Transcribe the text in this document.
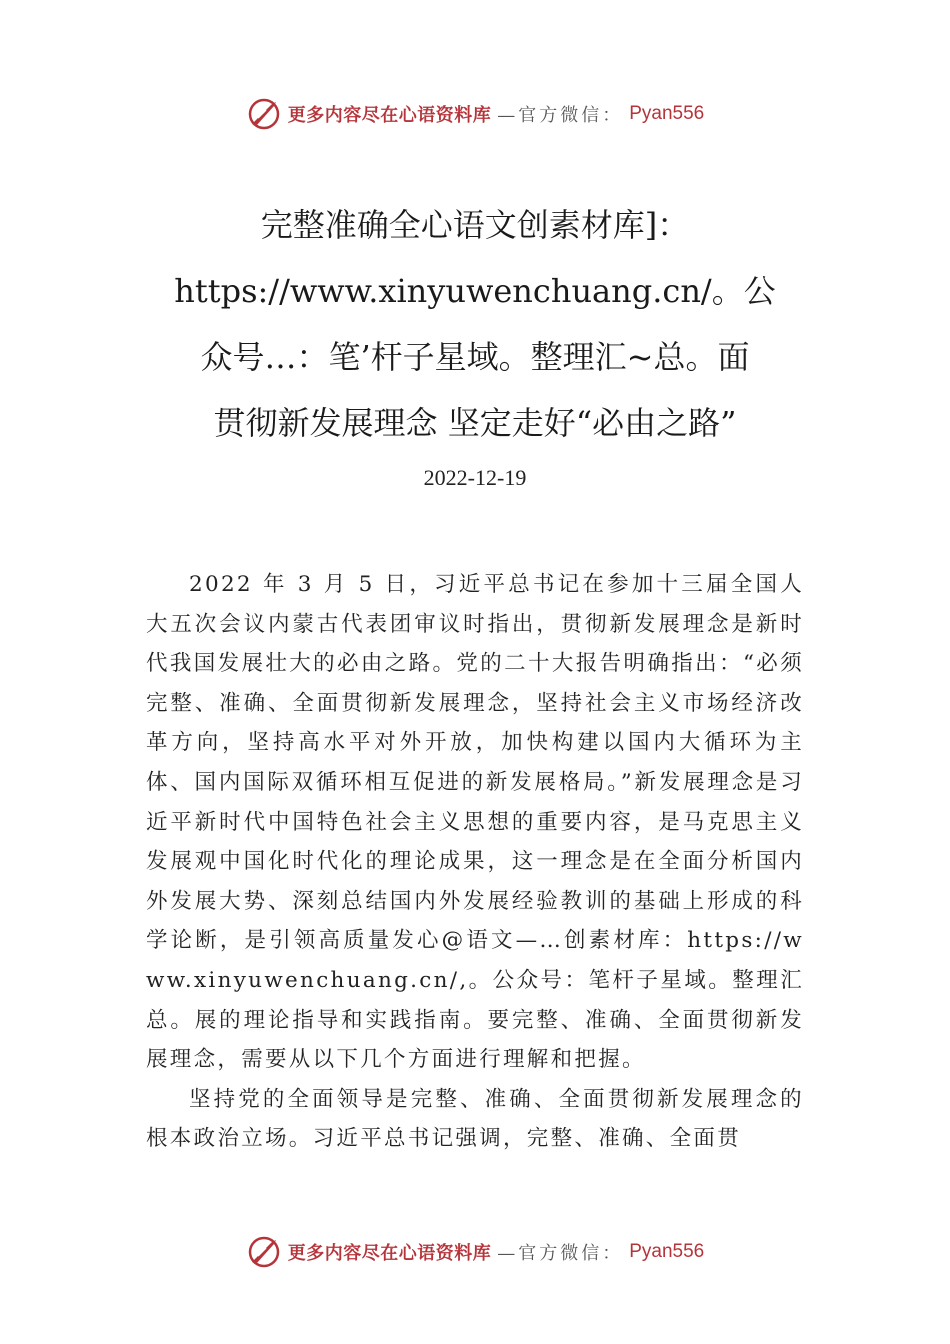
更多内容尽在心语资料库 —官方微信： Pyan556
完整准确全心语文创素材库]：
https://www.xinyuwenchuang.cn/。公
众号…：笔’杆子星域。整理汇~总。面
贯彻新发展理念 坚定走好“必由之路”
2022-12-19

2022 年 3 月 5 日，习近平总书记在参加十三届全国人大五次会议内蒙古代表团审议时指出，贯彻新发展理念是新时代我国发展壮大的必由之路。党的二十大报告明确指出：“必须完整、准确、全面贯彻新发展理念，坚持社会主义市场经济改革方向，坚持高水平对外开放，加快构建以国内大循环为主体、国内国际双循环相互促进的新发展格局。”新发展理念是习近平新时代中国特色社会主义思想的重要内容，是马克思主义发展观中国化时代化的理论成果，这一理念是在全面分析国内外发展大势、深刻总结国内外发展经验教训的基础上形成的科学论断，是引领高质量发心@语文—…创素材库：https://www.xinyuwenchuang.cn/,。公众号：笔杆子星域。整理汇总。展的理论指导和实践指南。要完整、准确、全面贯彻新发展理念，需要从以下几个方面进行理解和把握。

坚持党的全面领导是完整、准确、全面贯彻新发展理念的根本政治立场。习近平总书记强调，完整、准确、全面贯

更多内容尽在心语资料库 —官方微信： Pyan556
